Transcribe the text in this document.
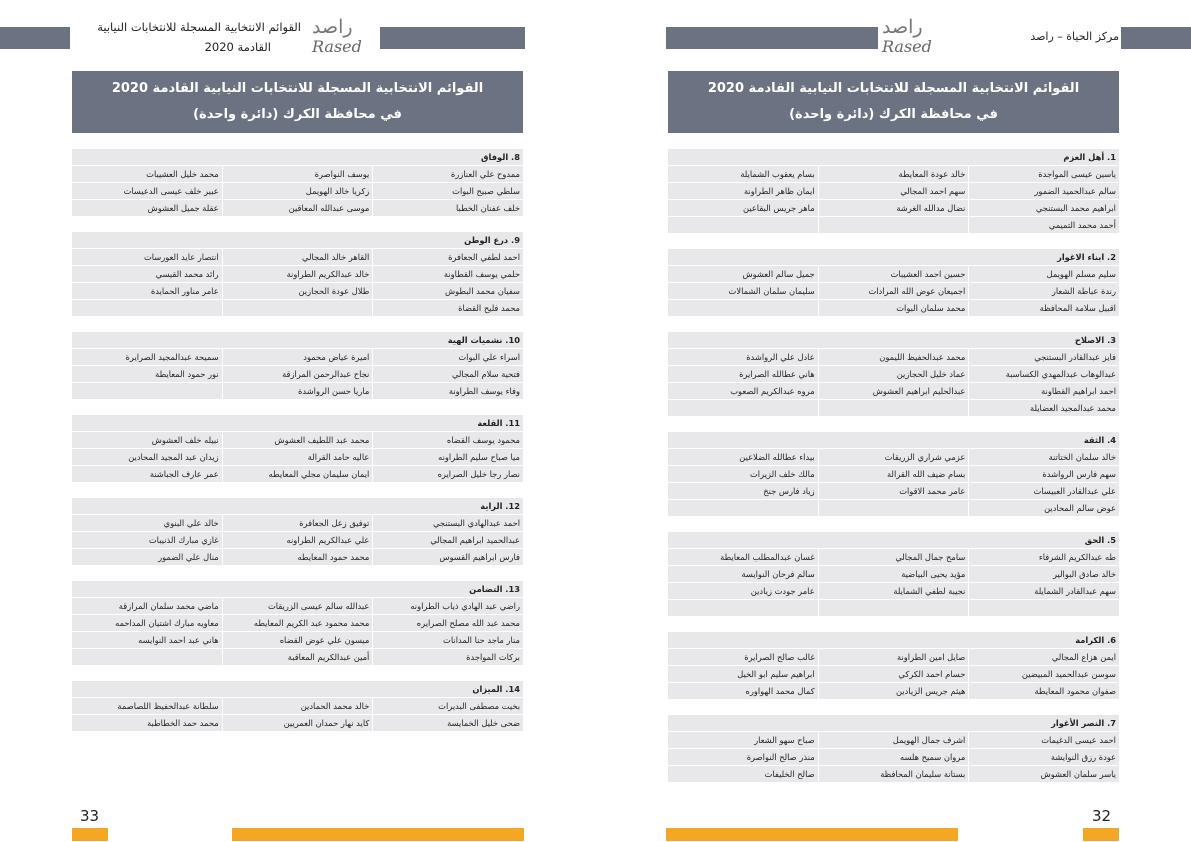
القوائم الانتخابية المسجلة للانتخابات النيابية
القادمة 2020
راصد
Rased
راصد
Rased
مركز الحياة – راصد
القوائم الانتخابية المسجلة للانتخابات النيابية القادمة 2020
في محافظة الكرك (دائرة واحدة)
8. الوفاق
ممدوح علي العنازرة
يوسف النواصرة
محمد خليل العشيبات
سلطي صبيح البوات
زكريا خالد الهويمل
عبير خلف عيسى الدعيسات
خلف عفنان الخطبا
موسى عبدالله المعاقين
عقلة جميل العشوش
9. درع الوطن
احمد لطفي الجعافرة
القاهر خالد المجالي
انتصار عايد العورسات
حلمي يوسف القطاونة
خالد عبدالكريم الطراونة
رائد محمد القيسي
سفيان محمد البطوش
طلال عودة الحجازين
عامر مناور الحمايدة
محمد فليح القضاة
10. نشميات الهية
اسراء علي البوات
اميرة عياض محمود
سميحة عبدالمجيد الصرايرة
فتحية سلام المجالي
نجاح عبدالرحمن المرازقة
نور حمود المعايطة
وفاء يوسف الطراونة
ماريا حسن الرواشدة
11. القلعة
محمود يوسف القضاه
محمد عبد اللطيف العشوش
نبيله خلف العشوش
ميا صباح سليم الطراونه
عاليه حامد القرالة
زيدان عبد المجيد المحادين
نصار رجا خليل الصرايره
ايمان سليمان مجلي المعايطه
عمر عارف الجباشنة
12. الراية
احمد عبدالهادي البستنجي
توفيق زعل الجعافرة
خالد علي البنوي
عبدالحميد ابراهيم المجالي
علي عبدالكريم الطراونه
غازي مبارك الذنيبات
فارس ابراهيم القسوس
محمد حمود المعايطه
منال علي الضمور
13. التضامن
راضي عبد الهادي ذياب الطراونه
عبدالله سالم عيسى الزريقات
ماضي محمد سلمان المرازقة
محمد عبد الله مصلح الصرايره
محمد محمود عبد الكريم المعايطه
معاويه مبارك اشتيان المداحمه
منار ماجد حنا المدانات
ميسون علي عوض القضاه
هاني عبد احمد النوايسه
بركات المواجدة
أمين عبدالكريم المعاقبة
14. الميزان
بخيت مصطفى البديرات
خالد محمد الحمادين
سلطانة عبدالحفيظ اللصاصمة
ضحى خليل الخمايسة
كايد نهار حمدان العمريين
محمد حمد الخطاطبة
القوائم الانتخابية المسجلة للانتخابات النيابية القادمة 2020
في محافظة الكرك (دائرة واحدة)
1. أهل العزم
ياسين عيسى المواجدة
خالد عودة المعايطة
بسام يعقوب الشمايلة
سالم عبدالحميد الضمور
سهم احمد المجالي
ايمان ظاهر الطراونة
ابراهيم محمد البستنجي
نضال مدالله الغرشة
ماهر جريس البقاعين
أحمد محمد التميمي
2. ابناء الاغوار
سليم مسلم الهويمل
حسين احمد العشيبات
جميل سالم العشوش
رندة عباطة الشعار
اجميعان عوض الله المرادات
سليمان سلمان الشمالات
اقبيل سلامة المحافظة
محمد سلمان البوات
3. الاصلاح
فايز عبدالقادر البستنجي
محمد عبدالحفيظ الليمون
عادل علي الرواشدة
عبدالوهاب عبدالمهدي الكساسبة
عماد خليل الحجازين
هاني عطالله الصرايرة
احمد ابراهيم القطاونة
عبدالحليم ابراهيم العشوش
مروه عبدالكريم الصعوب
محمد عبدالمجيد العضايلة
4. الثقة
خالد سلمان الختاتنة
عزمي شراري الزريقات
بيداء عطالله الضلاعين
سهم فارس الرواشدة
بسام ضيف الله القرالة
مالك خلف الزيرات
علي عبدالقادر العبيسات
عامر محمد الاقوات
زياد فارس جنخ
عوض سالم المحادين
5. الحق
طه عبدالكريم الشرفاء
سامح جمال المجالي
غسان عبدالمطلب المعايطة
خالد صادق البوالير
مؤيد يحيى البياضية
سالم فرحان النوايسة
سهم عبدالقادر الشمايلة
نجيبة لطفي الشمايلة
عامر جودت زيادين
6. الكرامة
ايمن هزاع المجالي
صايل امين الطراونة
غالب صالح الصرايرة
سوسن عبدالحميد المبيضين
حسام احمد الكركي
ابراهيم سليم ابو الخيل
صفوان محمود المعايطة
هيثم جريس الزيادين
كمال محمد الهواوره
7. النصر الأغوار
احمد عيسى الدغيمات
اشرف جمال الهويمل
صباح سهو الشعار
عودة رزق النوايشة
مروان سميح هلسه
منذر صالح النواصرة
ياسر سلمان العشوش
بستانة سليمان المحافظة
صالح الخليفات
33	32
